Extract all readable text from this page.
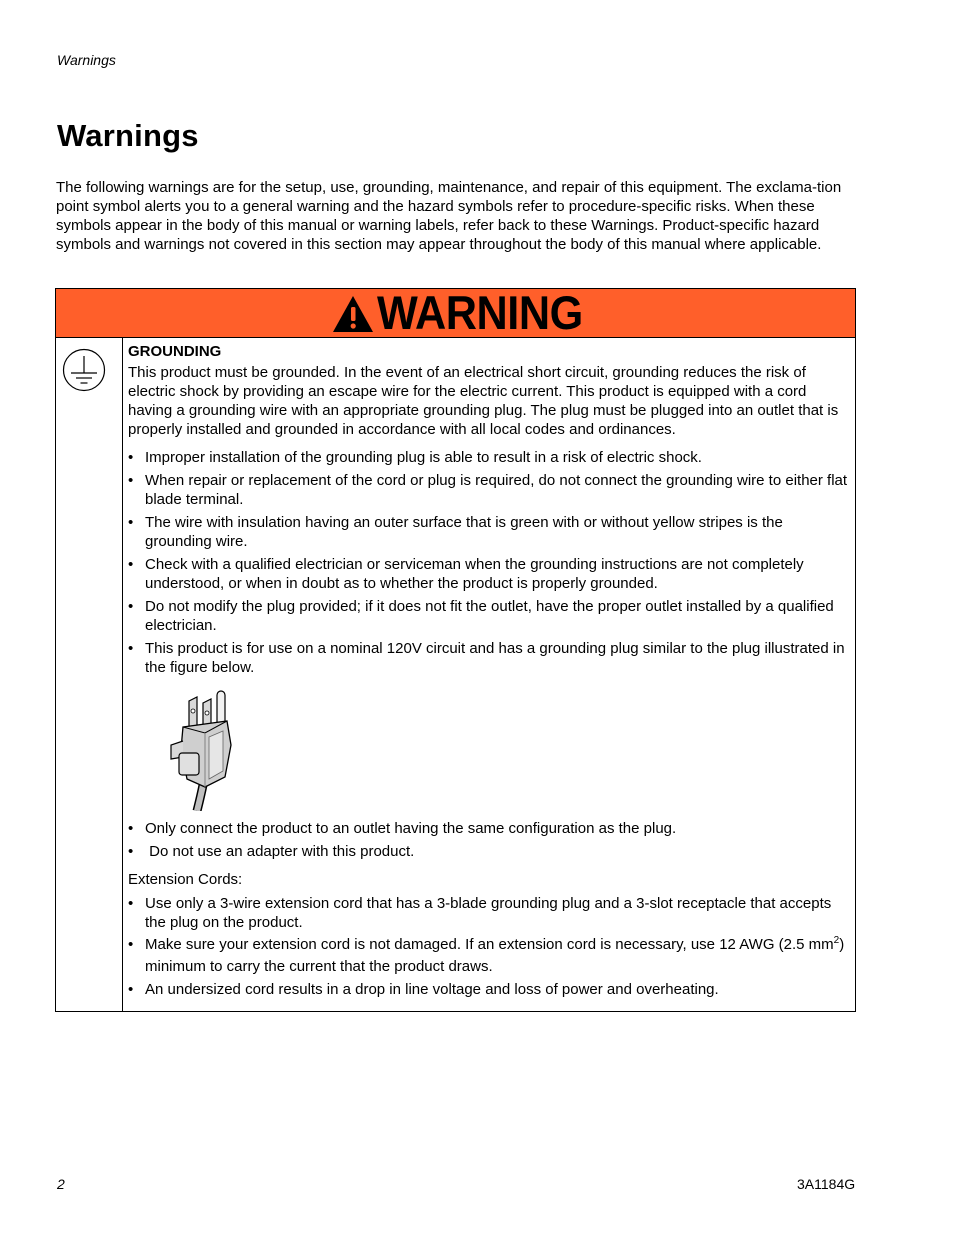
Warnings
Warnings

The following warnings are for the setup, use, grounding, maintenance, and repair of this equipment. The exclama-tion point symbol alerts you to a general warning and the hazard symbols refer to procedure-specific risks. When these symbols appear in the body of this manual or warning labels, refer back to these Warnings. Product-specific hazard symbols and warnings not covered in this section may appear throughout the body of this manual where applicable.

WARNING

GROUNDING

This product must be grounded. In the event of an electrical short circuit, grounding reduces the risk of electric shock by providing an escape wire for the electric current. This product is equipped with a cord having a grounding wire with an appropriate grounding plug. The plug must be plugged into an outlet that is properly installed and grounded in accordance with all local codes and ordinances.

• Improper installation of the grounding plug is able to result in a risk of electric shock.
• When repair or replacement of the cord or plug is required, do not connect the grounding wire to either flat blade terminal.
• The wire with insulation having an outer surface that is green with or without yellow stripes is the grounding wire.
• Check with a qualified electrician or serviceman when the grounding instructions are not completely understood, or when in doubt as to whether the product is properly grounded.
• Do not modify the plug provided; if it does not fit the outlet, have the proper outlet installed by a qualified electrician.
• This product is for use on a nominal 120V circuit and has a grounding plug similar to the plug illustrated in the figure below.
• Only connect the product to an outlet having the same configuration as the plug.
•  Do not use an adapter with this product.

Extension Cords:

• Use only a 3-wire extension cord that has a 3-blade grounding plug and a 3-slot receptacle that accepts the plug on the product.
• Make sure your extension cord is not damaged. If an extension cord is necessary, use 12 AWG (2.5 $mm^2$) minimum to carry the current that the product draws.
• An undersized cord results in a drop in line voltage and loss of power and overheating.
2	3A1184G
